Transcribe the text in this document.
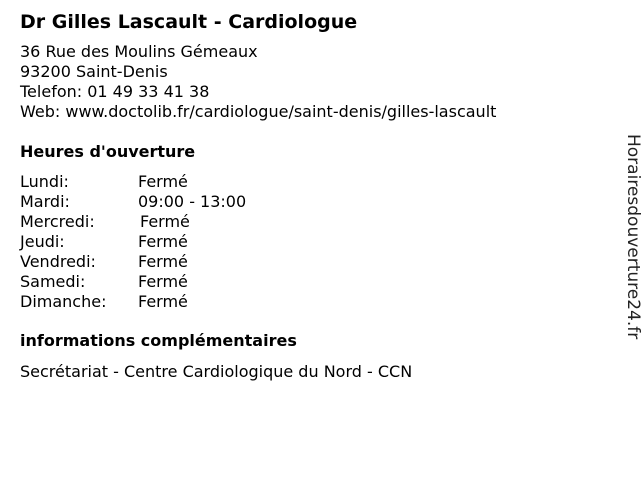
Dr Gilles Lascault - Cardiologue
36 Rue des Moulins Gémeaux
93200 Saint-Denis
Telefon: 01 49 33 41 38
Web: www.doctolib.fr/cardiologue/saint-denis/gilles-lascault
Heures d'ouverture
Lundi:	Fermé
Mardi:	09:00 - 13:00
Mercredi:	Fermé
Jeudi:	Fermé
Vendredi:	Fermé
Samedi:	Fermé
Dimanche: Fermé
informations complémentaires
Secrétariat - Centre Cardiologique du Nord - CCN
Horairesdouverture24.fr
